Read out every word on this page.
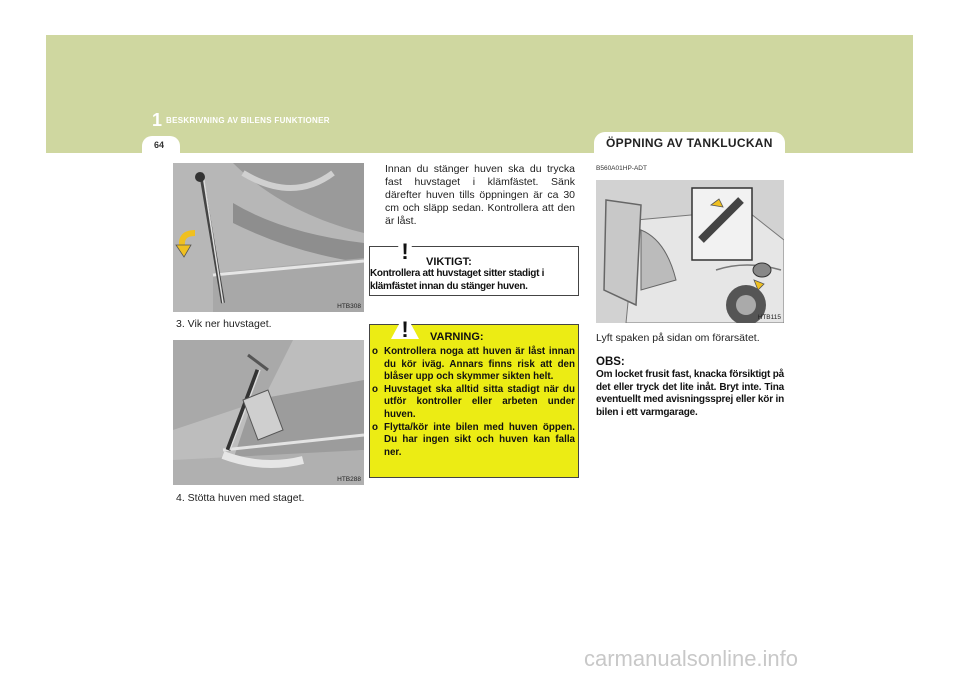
1 BESKRIVNING AV BILENS FUNKTIONER
64	ÖPPNING AV TANKLUCKAN
HTB308
3. Vik ner huvstaget.
HTB288
4. Stötta huven med staget.
Innan du stänger huven ska du trycka fast huvstaget i klämfästet. Sänk därefter huven tills öppningen är ca 30 cm och släpp sedan. Kontrollera att den är låst.
! VIKTIGT:
Kontrollera att huvstaget sitter stadigt i klämfästet innan du stänger huven.
! VARNING:
o Kontrollera noga att huven är låst innan du kör iväg. Annars finns risk att den blåser upp och skymmer sikten helt.
o Huvstaget ska alltid sitta stadigt när du utför kontroller eller arbeten under huven.
o Flytta/kör inte bilen med huven öppen. Du har ingen sikt och huven kan falla ner.
B560A01HP-ADT
HTB115
Lyft spaken på sidan om förarsätet.
OBS:
Om locket frusit fast, knacka försiktigt på det eller tryck det lite inåt. Bryt inte. Tina eventuellt med avisningssprej eller kör in bilen i ett varmgarage.
carmanualsonline.info
